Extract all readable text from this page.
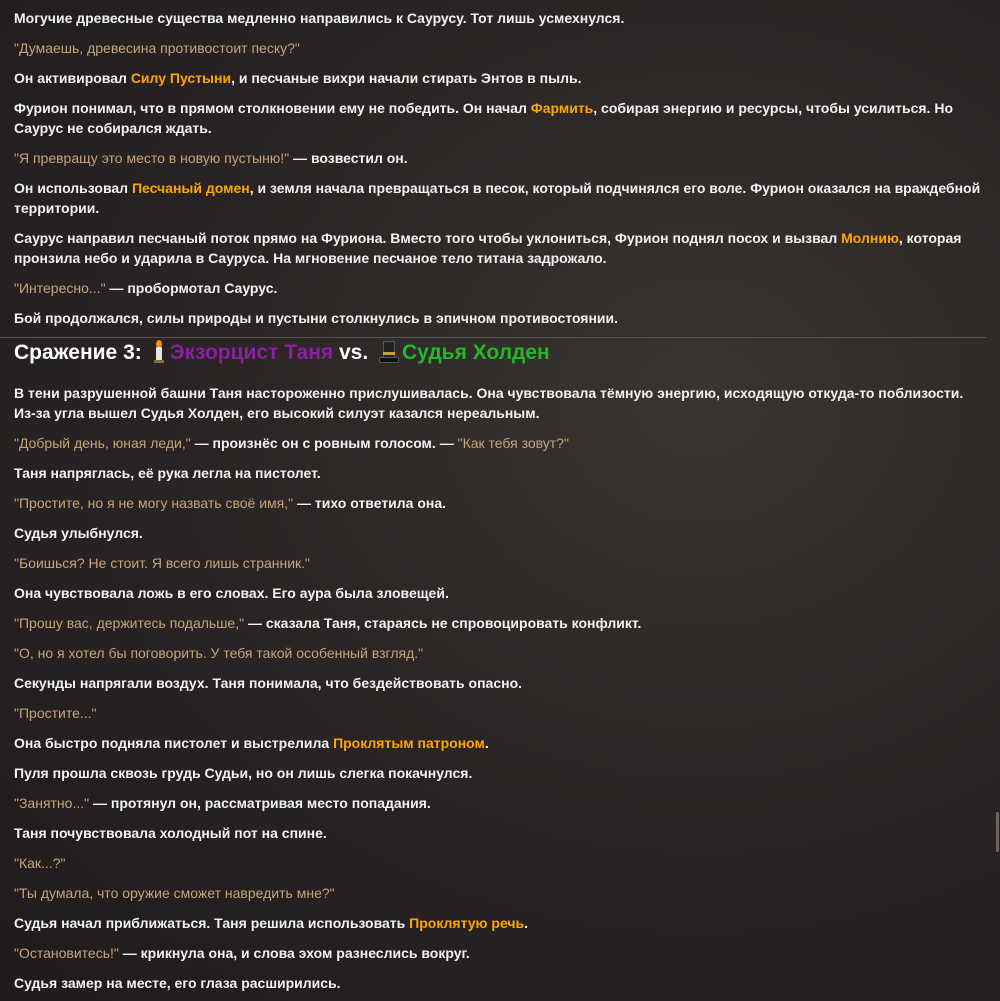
Могучие древесные существа медленно направились к Саурусу. Тот лишь усмехнулся.

"Думаешь, древесина противостоит песку?"

Он активировал Силу Пустыни, и песчаные вихри начали стирать Энтов в пыль.

Фурион понимал, что в прямом столкновении ему не победить. Он начал Фармить, собирая энергию и ресурсы, чтобы усилиться. Но Саурус не собирался ждать.

"Я превращу это место в новую пустыню!" — возвестил он.

Он использовал Песчаный домен, и земля начала превращаться в песок, который подчинялся его воле. Фурион оказался на враждебной территории.

Саурус направил песчаный поток прямо на Фуриона. Вместо того чтобы уклониться, Фурион поднял посох и вызвал Молнию, которая пронзила небо и ударила в Сауруса. На мгновение песчаное тело титана задрожало.

"Интересно..." — пробормотал Саурус.

Бой продолжался, силы природы и пустыни столкнулись в эпичном противостоянии.

Сражение 3:
Экзорцист Таня vs.
Судья Холден

В тени разрушенной башни Таня настороженно прислушивалась. Она чувствовала тёмную энергию, исходящую откуда-то поблизости. Из-за угла вышел Судья Холден, его высокий силуэт казался нереальным.

"Добрый день, юная леди," — произнёс он с ровным голосом. — "Как тебя зовут?"

Таня напряглась, её рука легла на пистолет.

"Простите, но я не могу назвать своё имя," — тихо ответила она.

Судья улыбнулся.

"Боишься? Не стоит. Я всего лишь странник."

Она чувствовала ложь в его словах. Его аура была зловещей.

"Прошу вас, держитесь подальше," — сказала Таня, стараясь не спровоцировать конфликт.

"О, но я хотел бы поговорить. У тебя такой особенный взгляд."

Секунды напрягали воздух. Таня понимала, что бездействовать опасно.

"Простите..."

Она быстро подняла пистолет и выстрелила Проклятым патроном.

Пуля прошла сквозь грудь Судьи, но он лишь слегка покачнулся.

"Занятно..." — протянул он, рассматривая место попадания.

Таня почувствовала холодный пот на спине.

"Как...?"

"Ты думала, что оружие сможет навредить мне?"

Судья начал приближаться. Таня решила использовать Проклятую речь.

"Остановитесь!" — крикнула она, и слова эхом разнеслись вокруг.

Судья замер на месте, его глаза расширились.
